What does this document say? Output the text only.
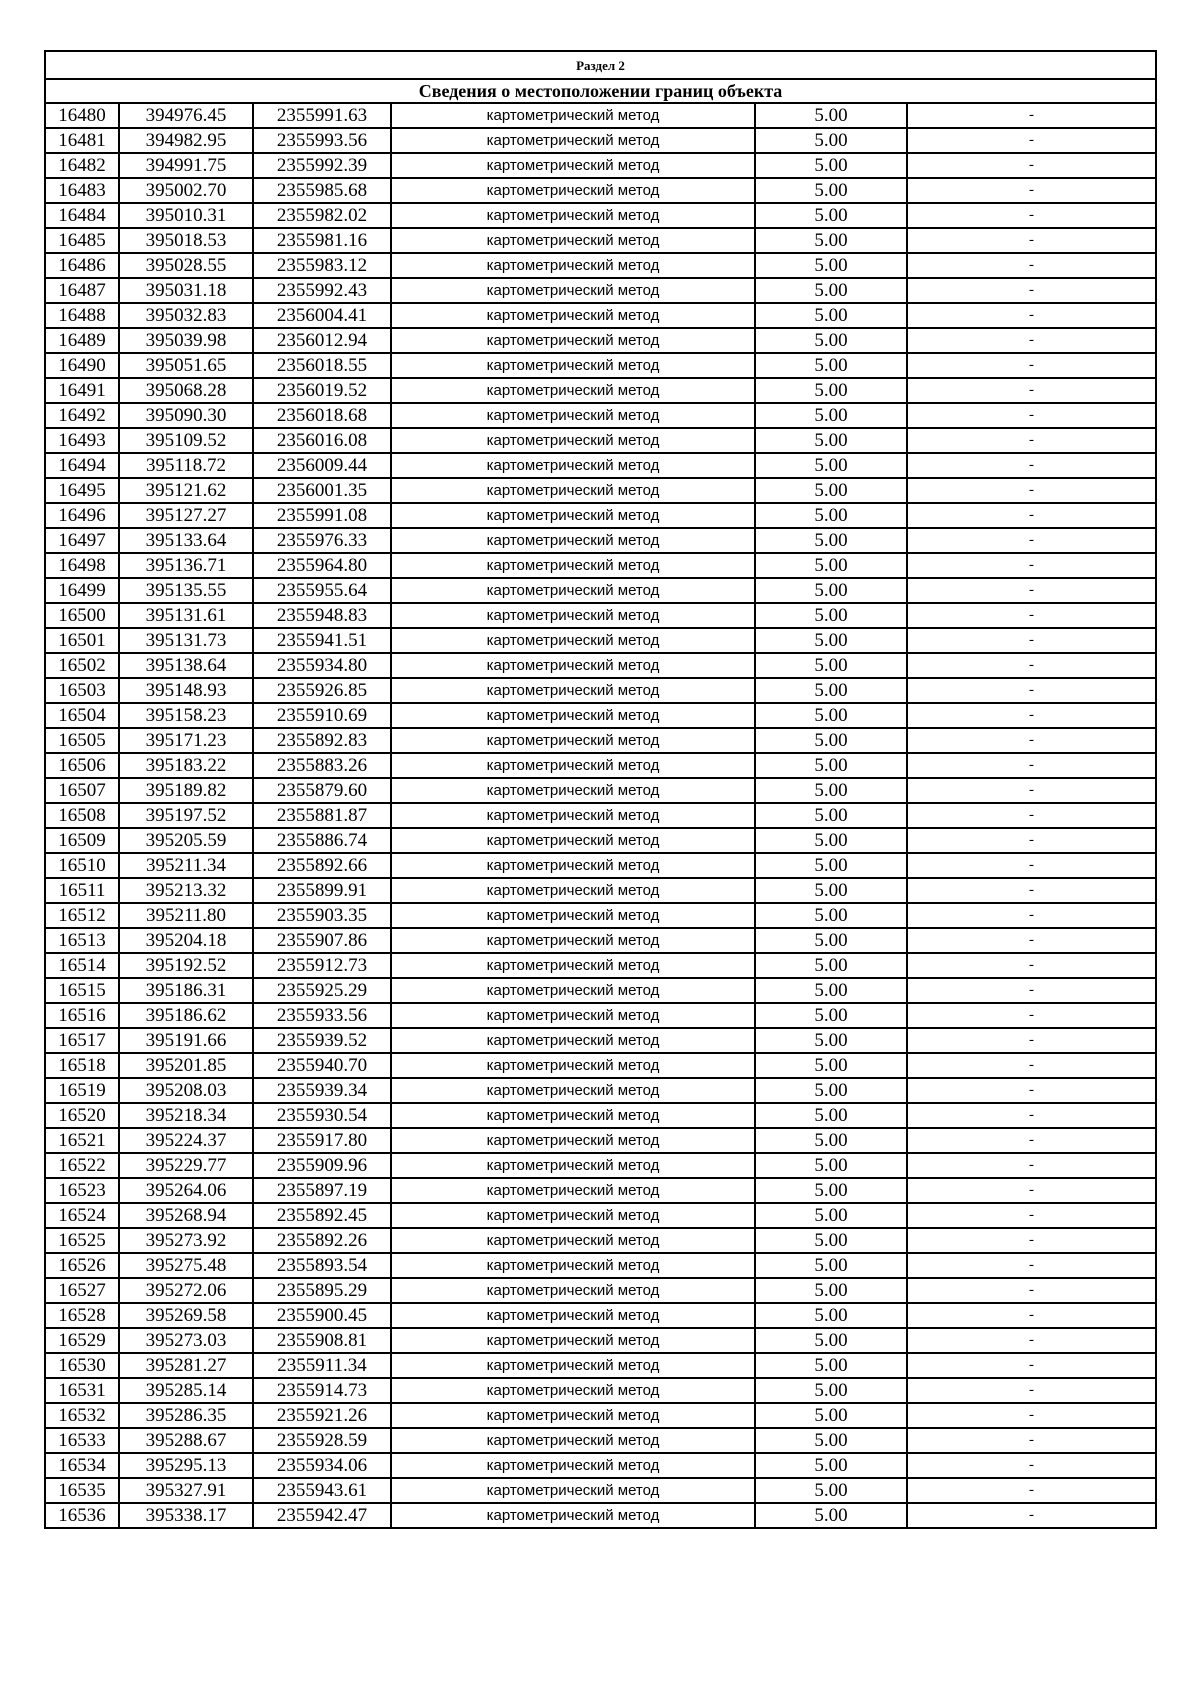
Раздел 2					
Сведения о местоположении границ объекта					
16480	394976.45	2355991.63	картометрический метод	5.00	-
16481	394982.95	2355993.56	картометрический метод	5.00	-
16482	394991.75	2355992.39	картометрический метод	5.00	-
16483	395002.70	2355985.68	картометрический метод	5.00	-
16484	395010.31	2355982.02	картометрический метод	5.00	-
16485	395018.53	2355981.16	картометрический метод	5.00	-
16486	395028.55	2355983.12	картометрический метод	5.00	-
16487	395031.18	2355992.43	картометрический метод	5.00	-
16488	395032.83	2356004.41	картометрический метод	5.00	-
16489	395039.98	2356012.94	картометрический метод	5.00	-
16490	395051.65	2356018.55	картометрический метод	5.00	-
16491	395068.28	2356019.52	картометрический метод	5.00	-
16492	395090.30	2356018.68	картометрический метод	5.00	-
16493	395109.52	2356016.08	картометрический метод	5.00	-
16494	395118.72	2356009.44	картометрический метод	5.00	-
16495	395121.62	2356001.35	картометрический метод	5.00	-
16496	395127.27	2355991.08	картометрический метод	5.00	-
16497	395133.64	2355976.33	картометрический метод	5.00	-
16498	395136.71	2355964.80	картометрический метод	5.00	-
16499	395135.55	2355955.64	картометрический метод	5.00	-
16500	395131.61	2355948.83	картометрический метод	5.00	-
16501	395131.73	2355941.51	картометрический метод	5.00	-
16502	395138.64	2355934.80	картометрический метод	5.00	-
16503	395148.93	2355926.85	картометрический метод	5.00	-
16504	395158.23	2355910.69	картометрический метод	5.00	-
16505	395171.23	2355892.83	картометрический метод	5.00	-
16506	395183.22	2355883.26	картометрический метод	5.00	-
16507	395189.82	2355879.60	картометрический метод	5.00	-
16508	395197.52	2355881.87	картометрический метод	5.00	-
16509	395205.59	2355886.74	картометрический метод	5.00	-
16510	395211.34	2355892.66	картометрический метод	5.00	-
16511	395213.32	2355899.91	картометрический метод	5.00	-
16512	395211.80	2355903.35	картометрический метод	5.00	-
16513	395204.18	2355907.86	картометрический метод	5.00	-
16514	395192.52	2355912.73	картометрический метод	5.00	-
16515	395186.31	2355925.29	картометрический метод	5.00	-
16516	395186.62	2355933.56	картометрический метод	5.00	-
16517	395191.66	2355939.52	картометрический метод	5.00	-
16518	395201.85	2355940.70	картометрический метод	5.00	-
16519	395208.03	2355939.34	картометрический метод	5.00	-
16520	395218.34	2355930.54	картометрический метод	5.00	-
16521	395224.37	2355917.80	картометрический метод	5.00	-
16522	395229.77	2355909.96	картометрический метод	5.00	-
16523	395264.06	2355897.19	картометрический метод	5.00	-
16524	395268.94	2355892.45	картометрический метод	5.00	-
16525	395273.92	2355892.26	картометрический метод	5.00	-
16526	395275.48	2355893.54	картометрический метод	5.00	-
16527	395272.06	2355895.29	картометрический метод	5.00	-
16528	395269.58	2355900.45	картометрический метод	5.00	-
16529	395273.03	2355908.81	картометрический метод	5.00	-
16530	395281.27	2355911.34	картометрический метод	5.00	-
16531	395285.14	2355914.73	картометрический метод	5.00	-
16532	395286.35	2355921.26	картометрический метод	5.00	-
16533	395288.67	2355928.59	картометрический метод	5.00	-
16534	395295.13	2355934.06	картометрический метод	5.00	-
16535	395327.91	2355943.61	картометрический метод	5.00	-
16536	395338.17	2355942.47	картометрический метод	5.00	-
